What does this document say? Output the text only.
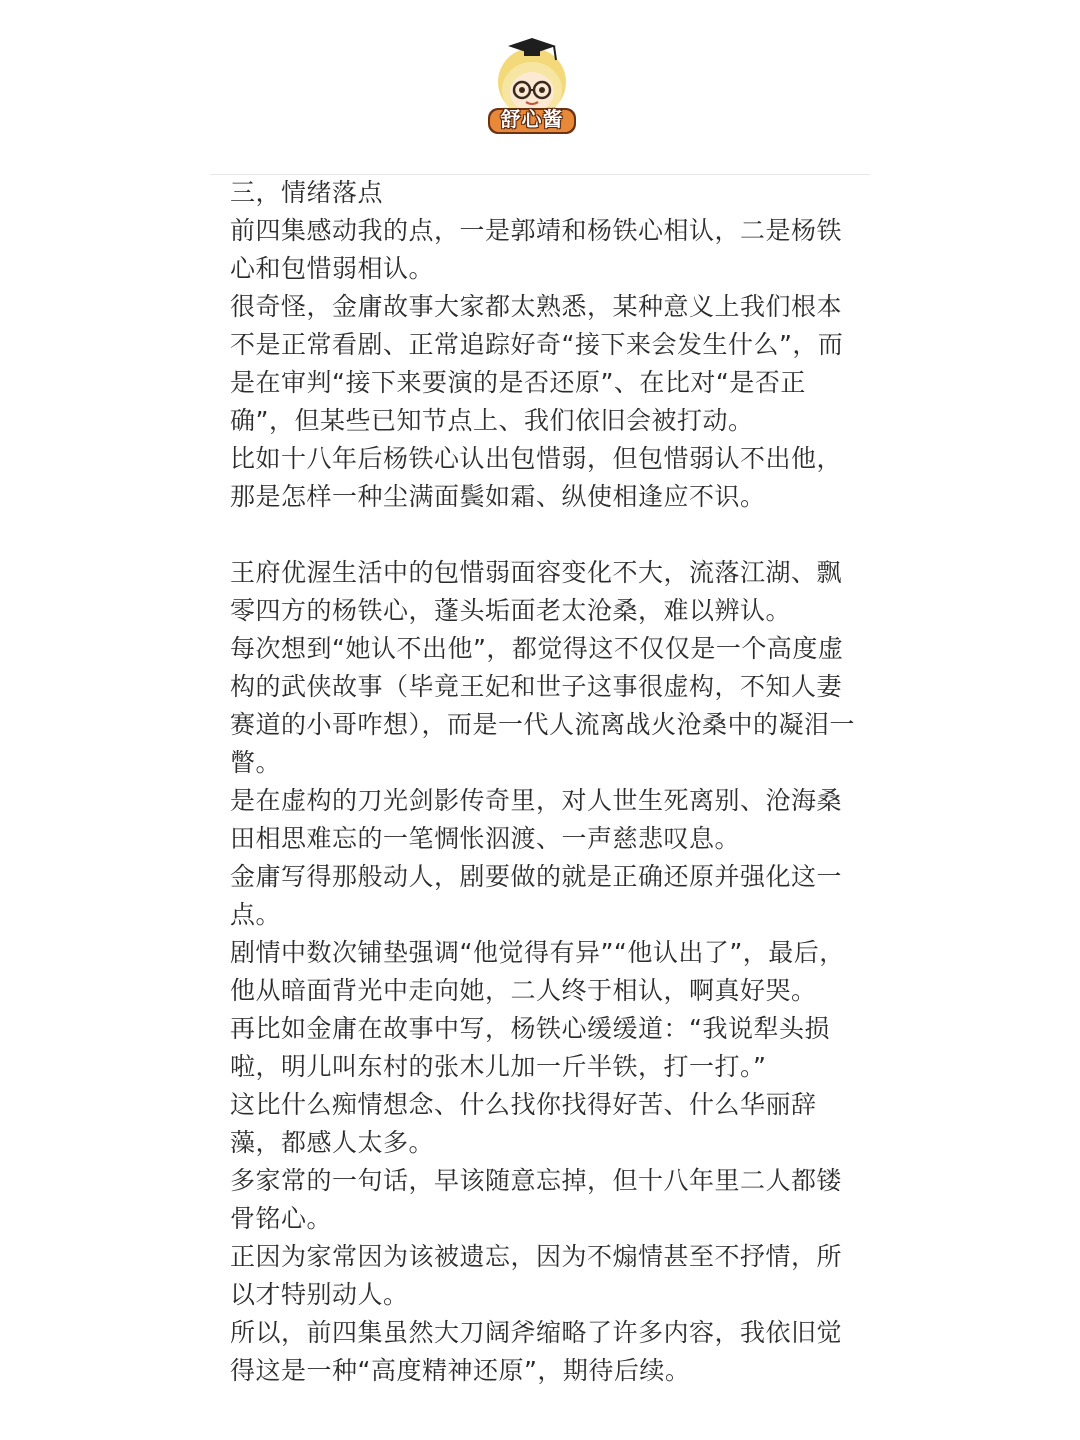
舒心酱

三，情绪落点

前四集感动我的点，一是郭靖和杨铁心相认，二是杨铁心和包惜弱相认。

很奇怪，金庸故事大家都太熟悉，某种意义上我们根本不是正常看剧、正常追踪好奇“接下来会发生什么”，而是在审判“接下来要演的是否还原”、在比对“是否正确”，但某些已知节点上、我们依旧会被打动。

比如十八年后杨铁心认出包惜弱，但包惜弱认不出他，那是怎样一种尘满面鬓如霜、纵使相逢应不识。

王府优渥生活中的包惜弱面容变化不大，流落江湖、飘零四方的杨铁心，蓬头垢面老太沧桑，难以辨认。

每次想到“她认不出他”，都觉得这不仅仅是一个高度虚构的武侠故事（毕竟王妃和世子这事很虚构，不知人妻赛道的小哥咋想），而是一代人流离战火沧桑中的凝泪一瞥。

是在虚构的刀光剑影传奇里，对人世生死离别、沧海桑田相思难忘的一笔惆怅泅渡、一声慈悲叹息。

金庸写得那般动人，剧要做的就是正确还原并强化这一点。

剧情中数次铺垫强调“他觉得有异”“他认出了”，最后，他从暗面背光中走向她，二人终于相认，啊真好哭。

再比如金庸在故事中写，杨铁心缓缓道：“我说犁头损啦，明儿叫东村的张木儿加一斤半铁，打一打。”

这比什么痴情想念、什么找你找得好苦、什么华丽辞藻，都感人太多。

多家常的一句话，早该随意忘掉，但十八年里二人都镂骨铭心。

正因为家常因为该被遗忘，因为不煽情甚至不抒情，所以才特别动人。

所以，前四集虽然大刀阔斧缩略了许多内容，我依旧觉得这是一种“高度精神还原”，期待后续。
